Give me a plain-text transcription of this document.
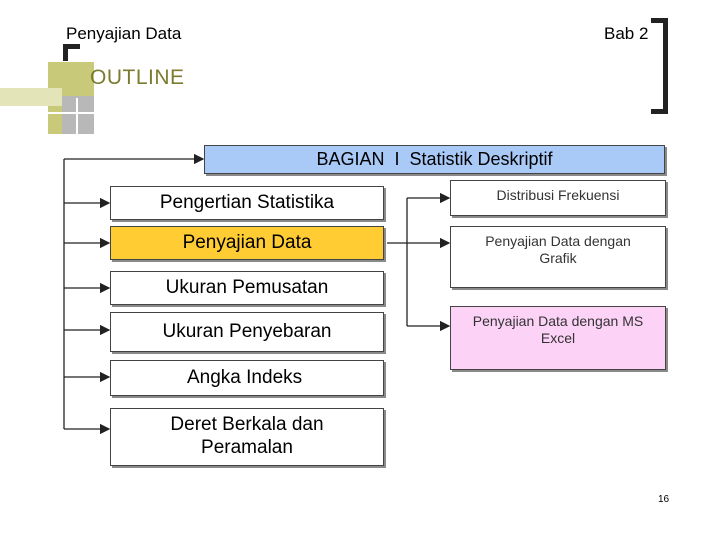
Penyajian Data	Bab 2
OUTLINE
BAGIAN  I  Statistik Deskriptif
Pengertian Statistika
Penyajian Data
Ukuran Pemusatan
Ukuran Penyebaran
Angka Indeks
Deret Berkala dan Peramalan
Distribusi Frekuensi
Penyajian Data dengan Grafik
Penyajian Data dengan MS Excel
16
